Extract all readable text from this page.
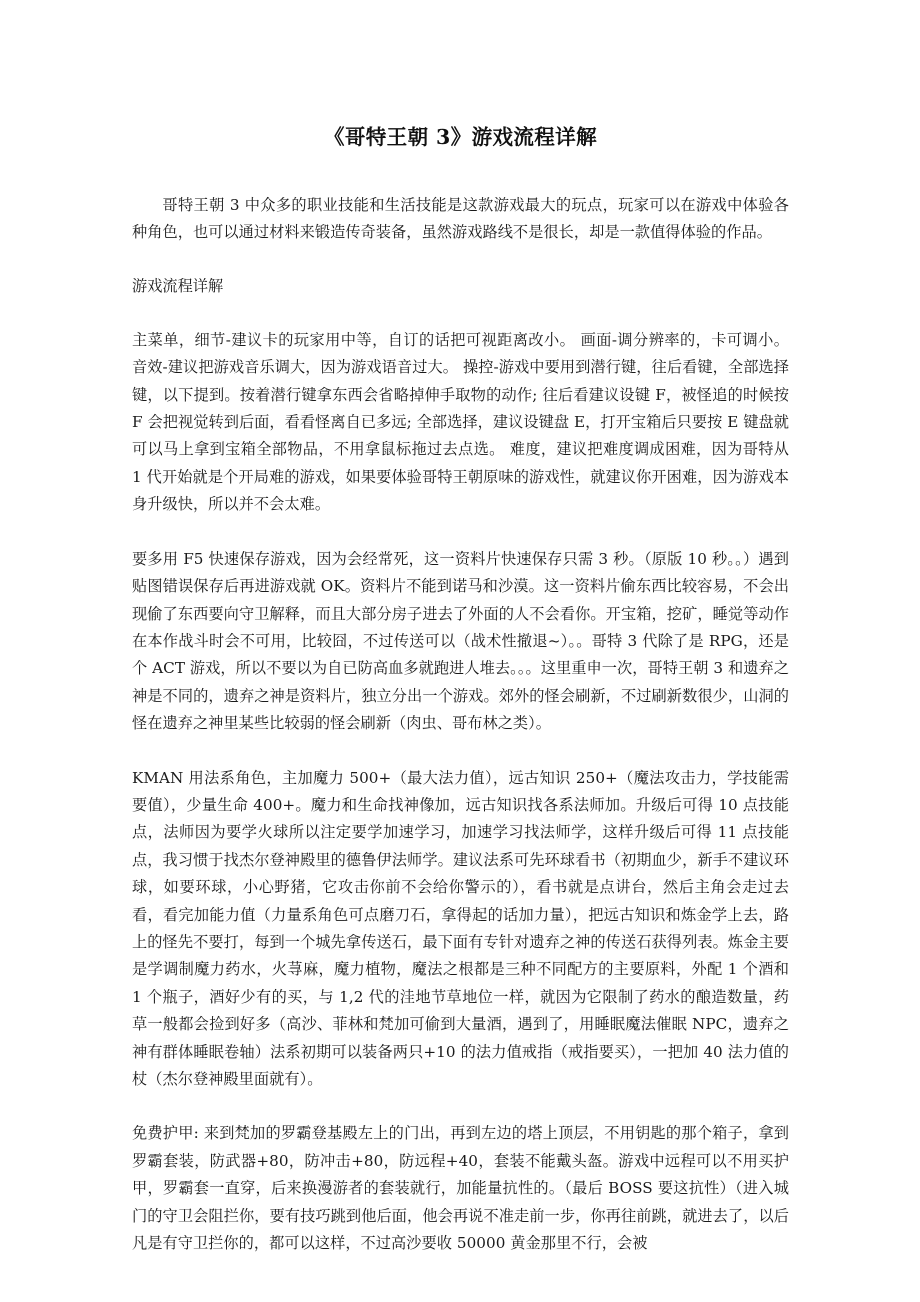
《哥特王朝 3》游戏流程详解

哥特王朝 3 中众多的职业技能和生活技能是这款游戏最大的玩点，玩家可以在游戏中体验各种角色，也可以通过材料来锻造传奇装备，虽然游戏路线不是很长，却是一款值得体验的作品。

游戏流程详解

主菜单，细节-建议卡的玩家用中等，自订的话把可视距离改小。 画面-调分辨率的，卡可调小。 音效-建议把游戏音乐调大，因为游戏语音过大。 操控-游戏中要用到潜行键，往后看键，全部选择键，以下提到。按着潜行键拿东西会省略掉伸手取物的动作; 往后看建议设键 F，被怪追的时候按 F 会把视觉转到后面，看看怪离自已多远; 全部选择，建议设键盘 E，打开宝箱后只要按 E 键盘就可以马上拿到宝箱全部物品，不用拿鼠标拖过去点选。 难度，建议把难度调成困难，因为哥特从 1 代开始就是个开局难的游戏，如果要体验哥特王朝原味的游戏性，就建议你开困难，因为游戏本身升级快，所以并不会太难。

要多用 F5 快速保存游戏，因为会经常死，这一资料片快速保存只需 3 秒。（原版 10 秒。。）遇到贴图错误保存后再进游戏就 OK。资料片不能到诺马和沙漠。这一资料片偷东西比较容易，不会出现偷了东西要向守卫解释，而且大部分房子进去了外面的人不会看你。开宝箱，挖矿，睡觉等动作在本作战斗时会不可用，比较囧，不过传送可以（战术性撤退~）。。哥特 3 代除了是 RPG，还是个 ACT 游戏，所以不要以为自已防高血多就跑进人堆去。。。这里重申一次，哥特王朝 3 和遗弃之神是不同的，遗弃之神是资料片，独立分出一个游戏。郊外的怪会刷新，不过刷新数很少，山洞的怪在遗弃之神里某些比较弱的怪会刷新（肉虫、哥布林之类）。

KMAN 用法系角色，主加魔力 500+（最大法力值），远古知识 250+（魔法攻击力，学技能需要值），少量生命 400+。魔力和生命找神像加，远古知识找各系法师加。升级后可得 10 点技能点，法师因为要学火球所以注定要学加速学习，加速学习找法师学，这样升级后可得 11 点技能点，我习惯于找杰尔登神殿里的德鲁伊法师学。建议法系可先环球看书（初期血少，新手不建议环球，如要环球，小心野猪，它攻击你前不会给你警示的），看书就是点讲台，然后主角会走过去看，看完加能力值（力量系角色可点磨刀石，拿得起的话加力量），把远古知识和炼金学上去，路上的怪先不要打，每到一个城先拿传送石，最下面有专针对遗弃之神的传送石获得列表。炼金主要是学调制魔力药水，火荨麻，魔力植物，魔法之根都是三种不同配方的主要原料，外配 1 个酒和 1 个瓶子，酒好少有的买，与 1,2 代的洼地节草地位一样，就因为它限制了药水的酿造数量，药草一般都会捡到好多（高沙、菲林和梵加可偷到大量酒，遇到了，用睡眠魔法催眠 NPC，遗弃之神有群体睡眠卷轴）法系初期可以装备两只+10 的法力值戒指（戒指要买），一把加 40 法力值的杖（杰尔登神殿里面就有）。

免费护甲: 来到梵加的罗霸登基殿左上的门出，再到左边的塔上顶层，不用钥匙的那个箱子，拿到罗霸套装，防武器+80，防冲击+80，防远程+40，套装不能戴头盔。游戏中远程可以不用买护甲，罗霸套一直穿，后来换漫游者的套装就行，加能量抗性的。（最后 BOSS 要这抗性）（进入城门的守卫会阻拦你，要有技巧跳到他后面，他会再说不准走前一步，你再往前跳，就进去了，以后凡是有守卫拦你的，都可以这样，不过高沙要收 50000 黄金那里不行，会被
